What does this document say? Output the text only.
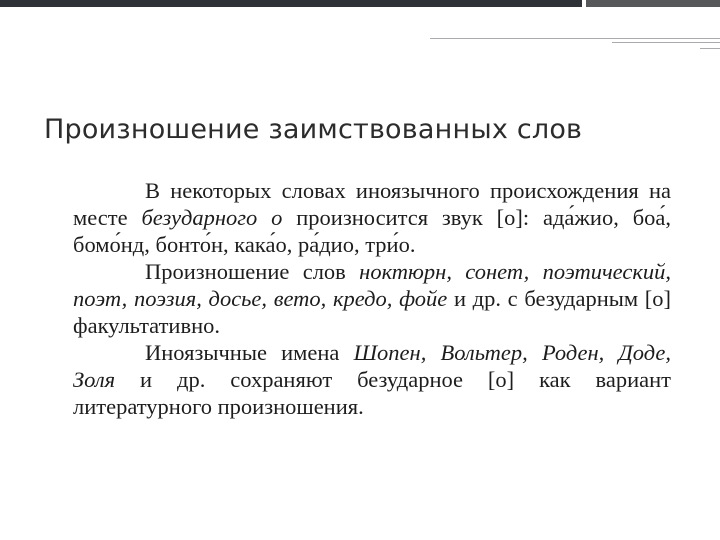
Произношение заимствованных слов

В некоторых словах иноязычного происхождения на месте безударного о произносится звук [о]: ада́жио, боа́, бомо́нд, бонто́н, кака́о, ра́дио, три́о.

Произношение слов ноктюрн, сонет, поэтический, поэт, поэзия, досье, вето, кредо, фойе и др. с безударным [о] факультативно.

Иноязычные имена Шопен, Вольтер, Роден, Доде, Золя и др. сохраняют безударное [о] как вариант литературного произношения.
